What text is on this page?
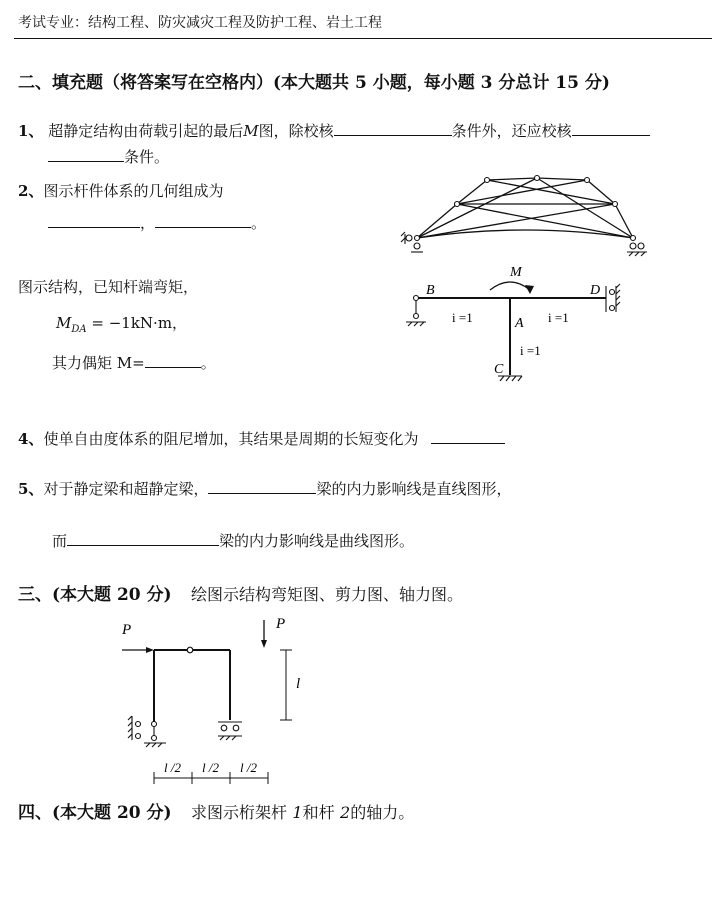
考试专业：结构工程、防灾减灾工程及防护工程、岩土工程
二、填充题（将答案写在空格内）(本大题共 5 小题，每小题 3 分总计 15 分)
1、 超静定结构由荷载引起的最后M图，除校核	条件外，还应校核
条件。
2、图示杆件体系的几何组成为
，	。
图示结构，已知杆端弯矩，
$M_{DA} = -1kN\cdot m$，
其力偶矩 M=	。
M
B	D
A
C
i =1	i =1
i =1
4、使单自由度体系的阻尼增加，其结果是周期的长短变化为
5、对于静定梁和超静定梁，	梁的内力影响线是直线图形，
而	梁的内力影响线是曲线图形。
三、(本大题 20 分) 绘图示结构弯矩图、剪力图、轴力图。
P	P
l
l /2 l /2 l /2
四、(本大题 20 分) 求图示桁架杆 1和杆 2的轴力。
